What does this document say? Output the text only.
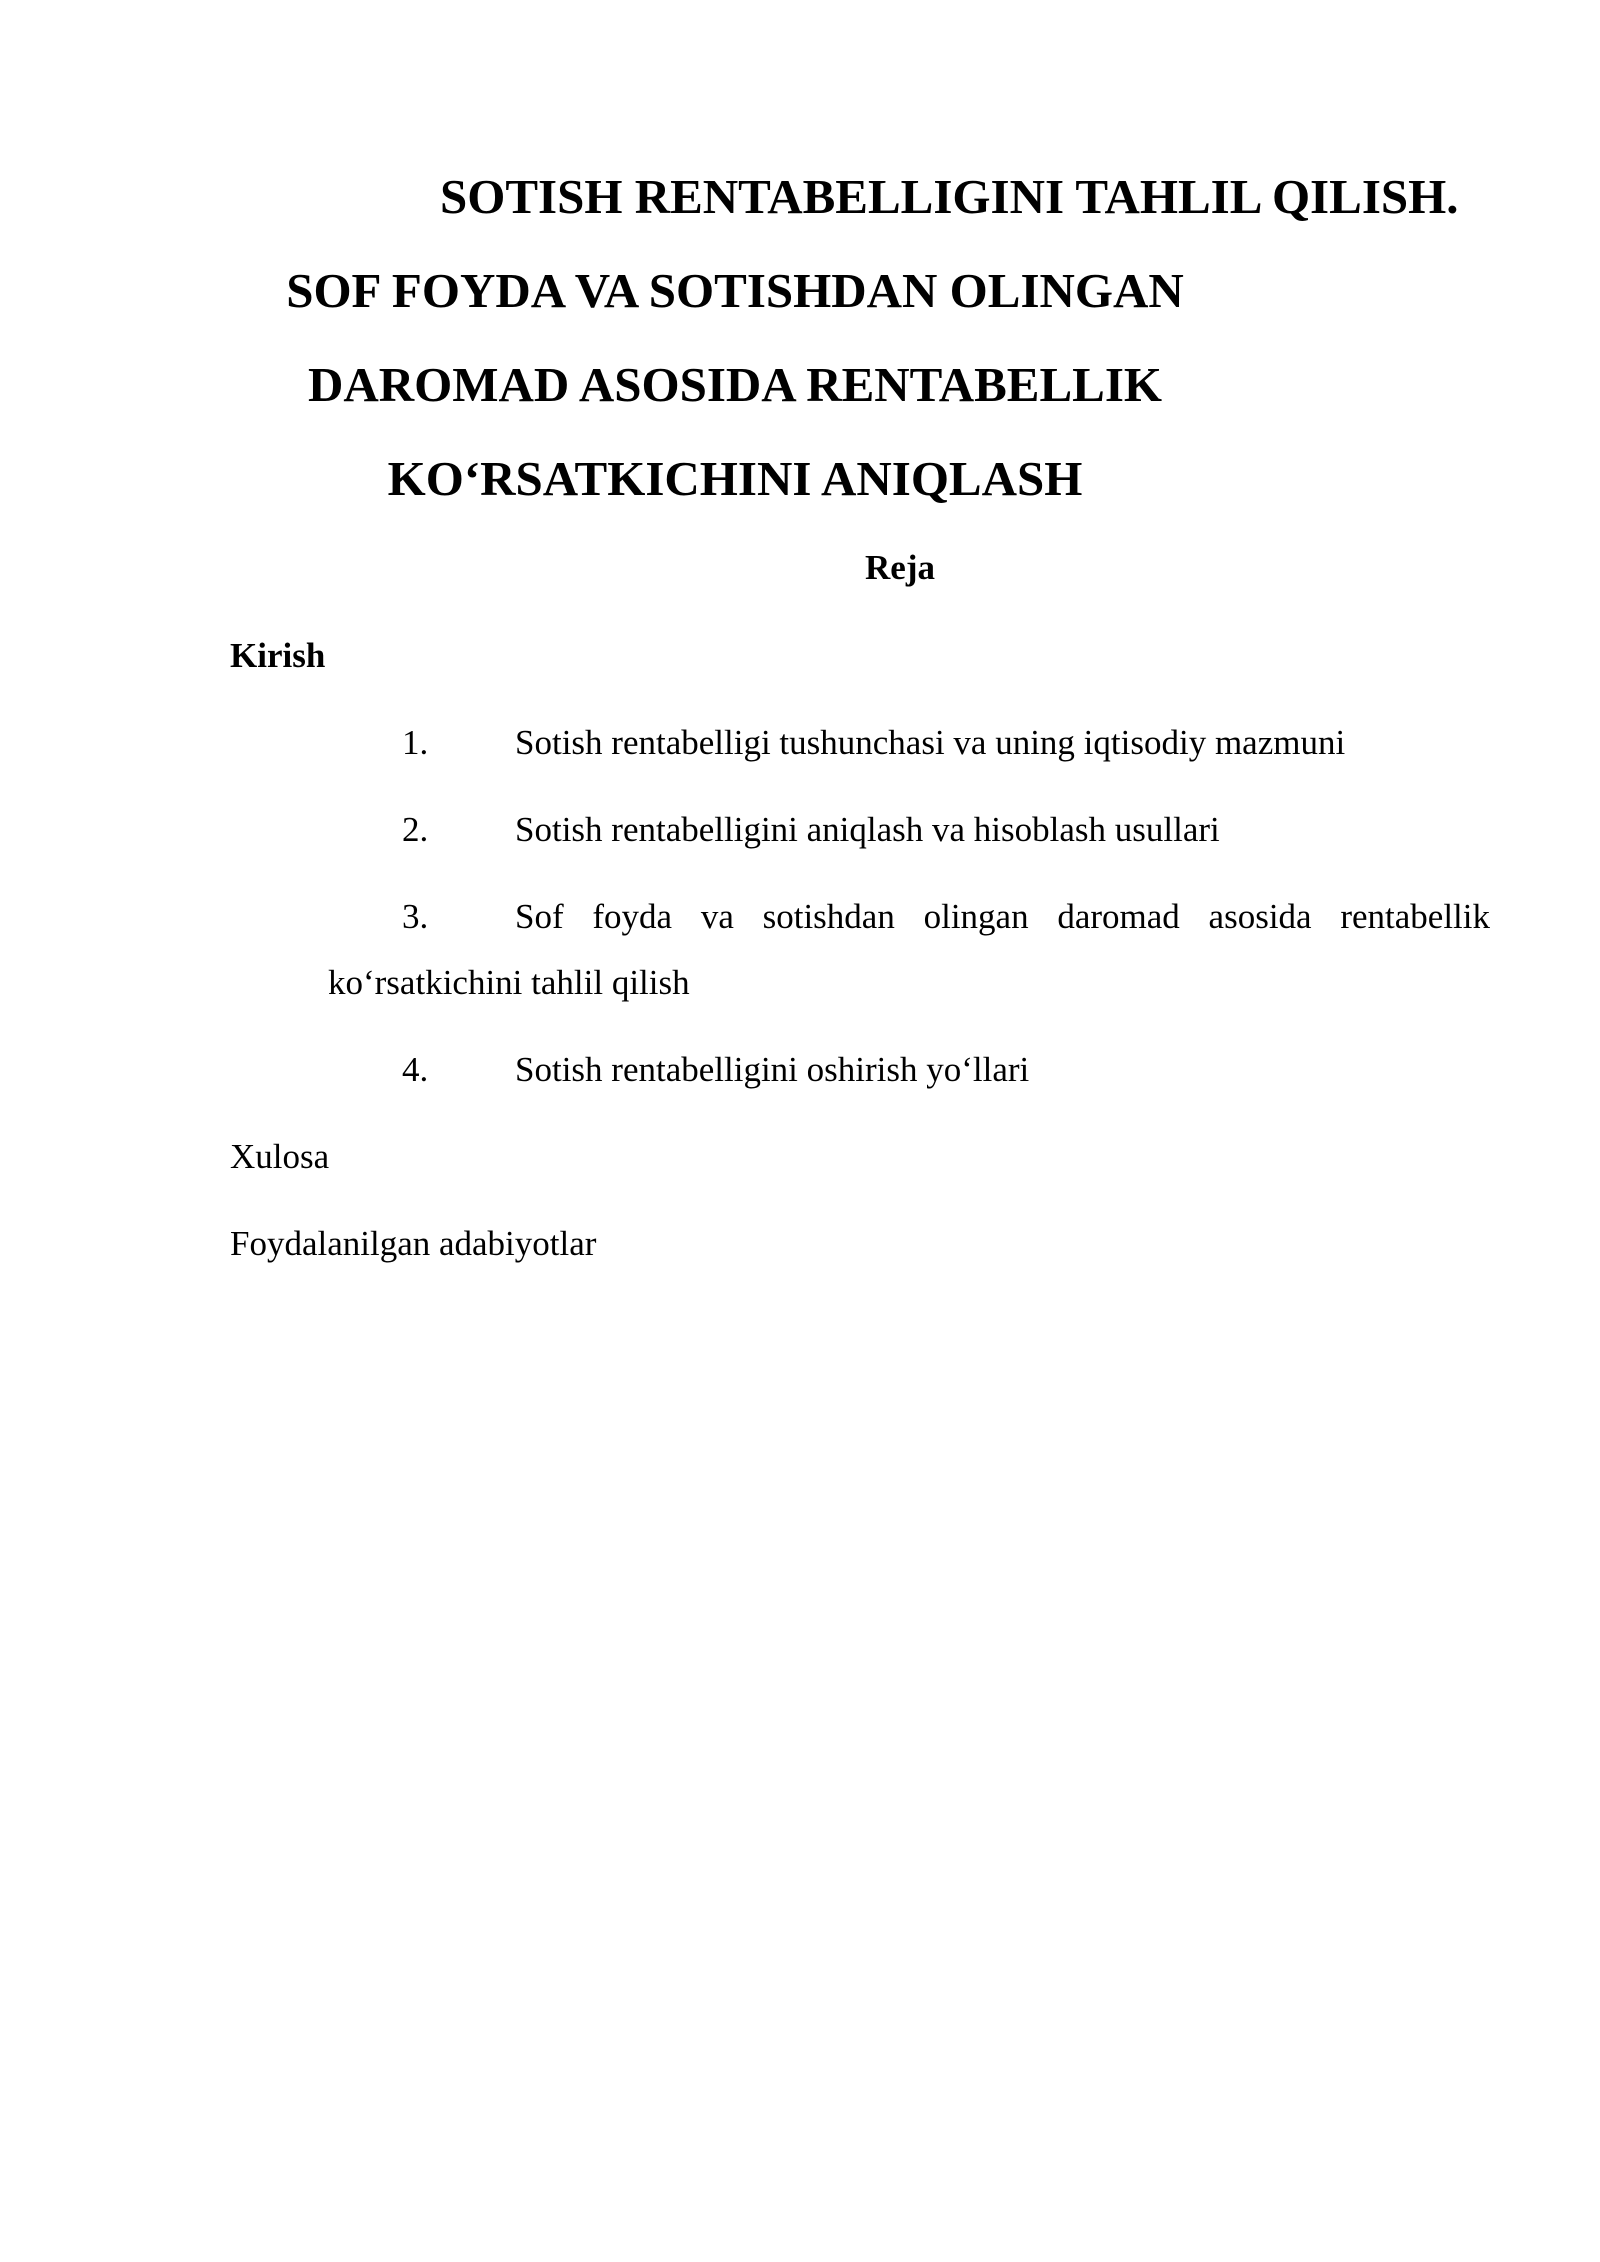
SOTISH RENTABELLIGINI TAHLIL QILISH.
SOF FOYDA VA SOTISHDAN OLINGAN
DAROMAD ASOSIDA RENTABELLIK
KO‘RSATKICHINI ANIQLASH
Reja
Kirish
1. Sotish rentabelligi tushunchasi va uning iqtisodiy mazmuni
2. Sotish rentabelligini aniqlash va hisoblash usullari
3. Sof foyda va sotishdan olingan daromad asosida rentabellik
ko‘rsatkichini tahlil qilish
4. Sotish rentabelligini oshirish yo‘llari
Xulosa
Foydalanilgan adabiyotlar
